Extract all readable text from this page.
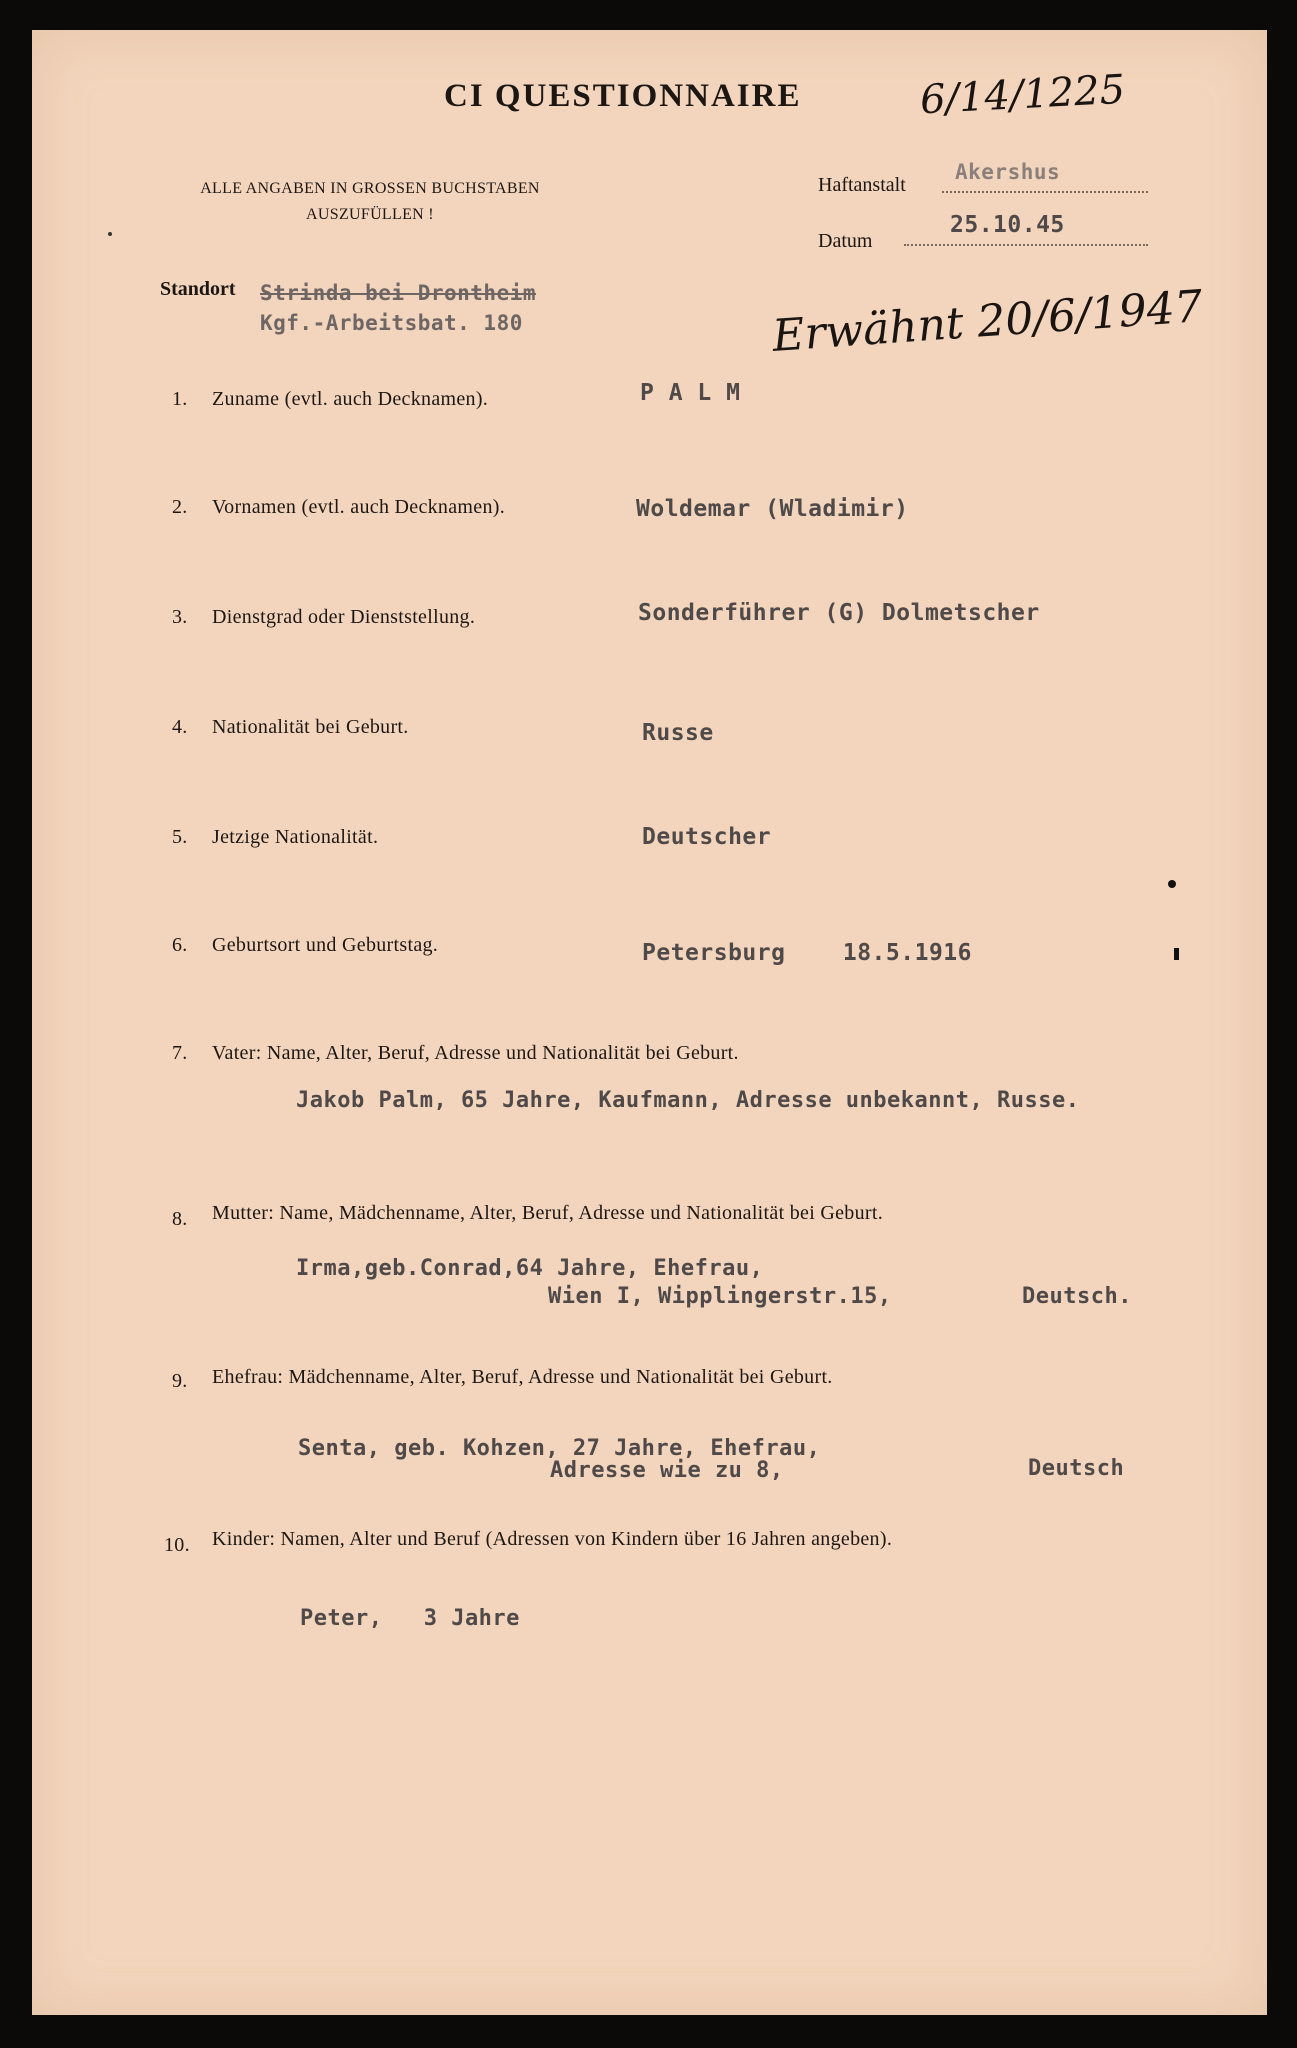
CI QUESTIONNAIRE	6/14/1225
ALLE ANGABEN IN GROSSEN BUCHSTABEN
AUSZUFÜLLEN !
Haftanstalt
Akershus
Datum
25.10.45
Standort Strinda bei Drontheim
Kgf.-Arbeitsbat. 180	Erwähnt 20/6/1947
1. Zuname (evtl. auch Decknamen).	P A L M
2. Vornamen (evtl. auch Decknamen).	Woldemar (Wladimir)
3. Dienstgrad oder Dienststellung.	Sonderführer (G) Dolmetscher
4. Nationalität bei Geburt.	Russe
5. Jetzige Nationalität.	Deutscher
6. Geburtsort und Geburtstag.	Petersburg    18.5.1916
7. Vater: Name, Alter, Beruf, Adresse und Nationalität bei Geburt.
Jakob Palm, 65 Jahre, Kaufmann, Adresse unbekannt, Russe.
8. Mutter: Name, Mädchenname, Alter, Beruf, Adresse und Nationalität bei Geburt.
Irma,geb.Conrad,64 Jahre, Ehefrau,
Wien I, Wipplingerstr.15,	Deutsch.
9. Ehefrau: Mädchenname, Alter, Beruf, Adresse und Nationalität bei Geburt.
Senta, geb. Kohzen, 27 Jahre, Ehefrau,
Adresse wie zu 8,	Deutsch
10. Kinder: Namen, Alter und Beruf (Adressen von Kindern über 16 Jahren angeben).
Peter,   3 Jahre
